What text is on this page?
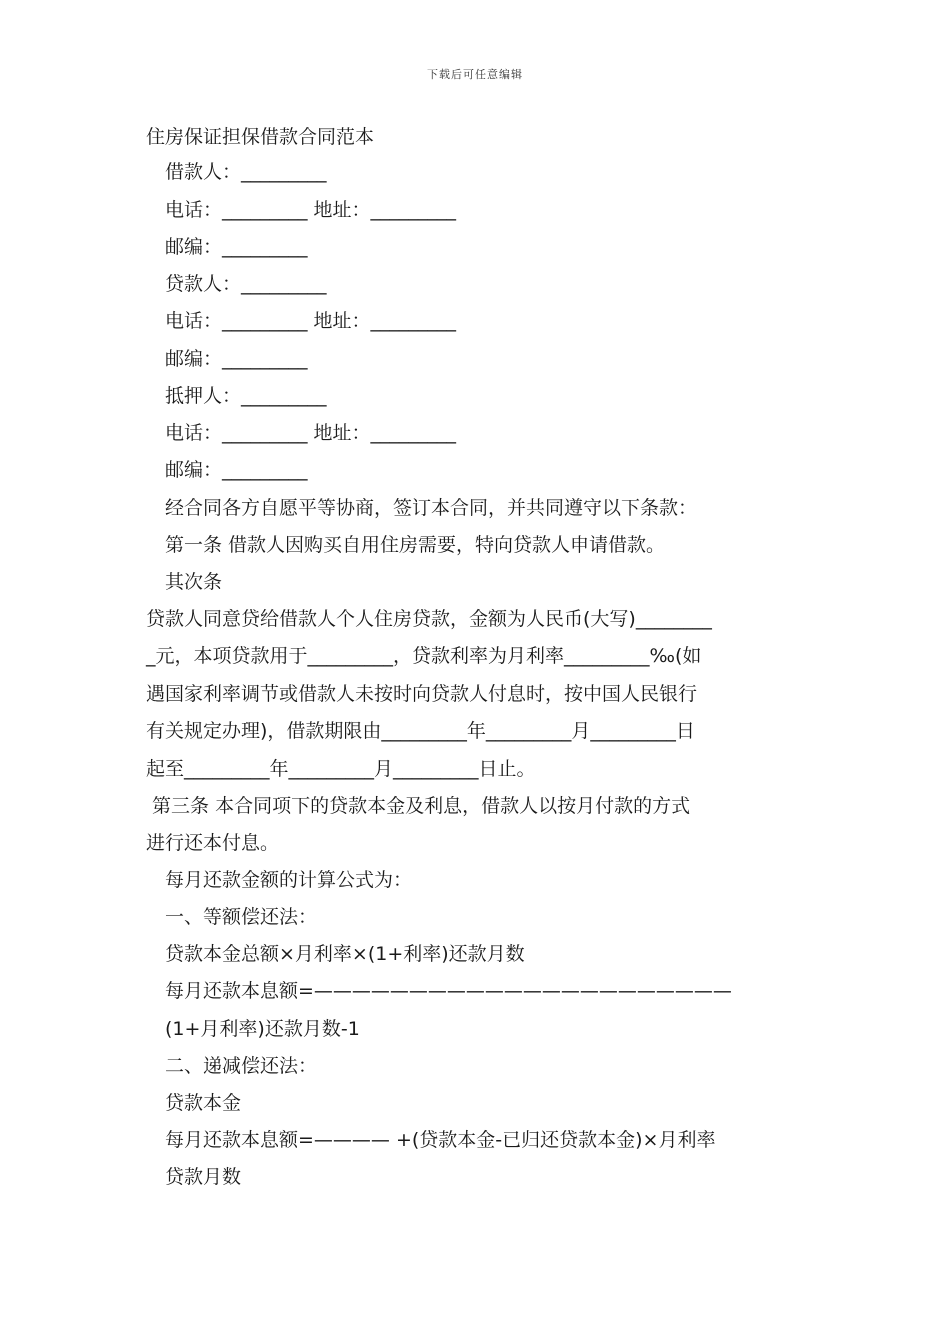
下载后可任意编辑
住房保证担保借款合同范本
借款人：_________
电话：_________ 地址：_________
邮编：_________
贷款人：_________
电话：_________ 地址：_________
邮编：_________
抵押人：_________
电话：_________ 地址：_________
邮编：_________
经合同各方自愿平等协商，签订本合同，并共同遵守以下条款：
第一条 借款人因购买自用住房需要，特向贷款人申请借款。
其次条
贷款人同意贷给借款人个人住房贷款，金额为人民币(大写)________
_元，本项贷款用于_________，贷款利率为月利率_________‰(如
遇国家利率调节或借款人未按时向贷款人付息时，按中国人民银行
有关规定办理)，借款期限由_________年_________月_________日
起至_________年_________月_________日止。
第三条 本合同项下的贷款本金及利息，借款人以按月付款的方式
进行还本付息。
每月还款金额的计算公式为：
一、等额偿还法：
贷款本金总额×月利率×(1+利率)还款月数
每月还款本息额=——————————————————————
(1+月利率)还款月数-1
二、递减偿还法：
贷款本金
每月还款本息额=———— +(贷款本金-已归还贷款本金)×月利率
贷款月数
